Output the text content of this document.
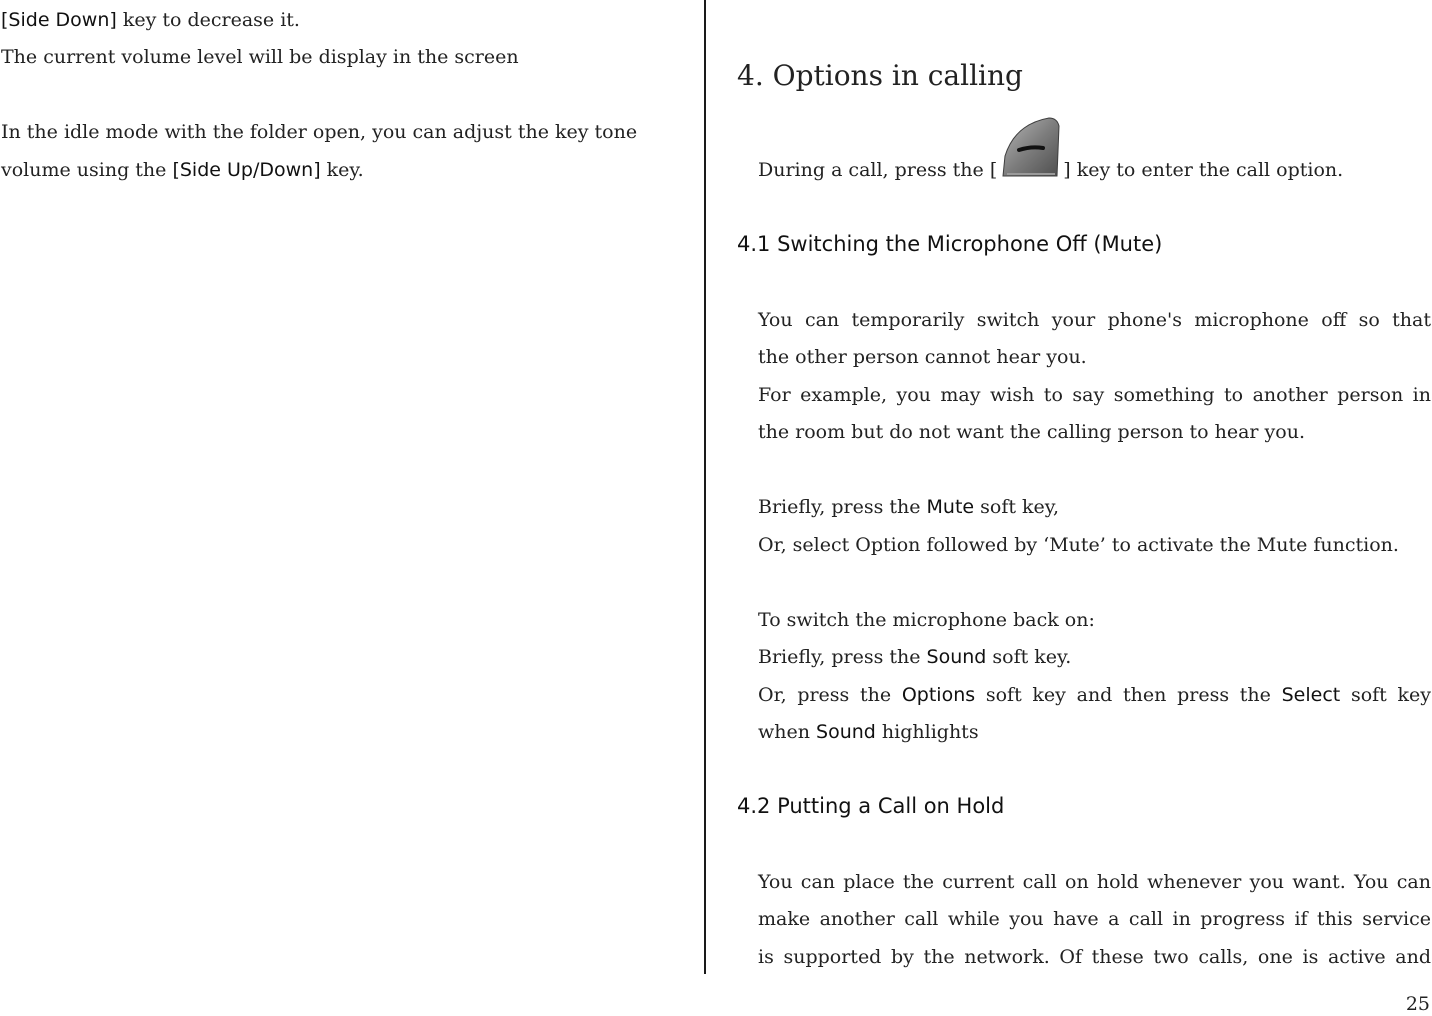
[Side Down] key to decrease it.
The current volume level will be display in the screen
In the idle mode with the folder open, you can adjust the key tone
volume using the [Side Up/Down] key.
4. Options in calling
During a call, press the [	] key to enter the call option.
4.1 Switching the Microphone Off (Mute)
You can temporarily switch your phone's microphone off so that
the other person cannot hear you.
For example, you may wish to say something to another person in
the room but do not want the calling person to hear you.
Briefly, press the Mute soft key,
Or, select Option followed by ‘Mute’ to activate the Mute function.
To switch the microphone back on:
Briefly, press the Sound soft key.
Or, press the Options soft key and then press the Select soft key
when Sound highlights
4.2 Putting a Call on Hold
You can place the current call on hold whenever you want. You can
make another call while you have a call in progress if this service
is supported by the network. Of these two calls, one is active and
25
